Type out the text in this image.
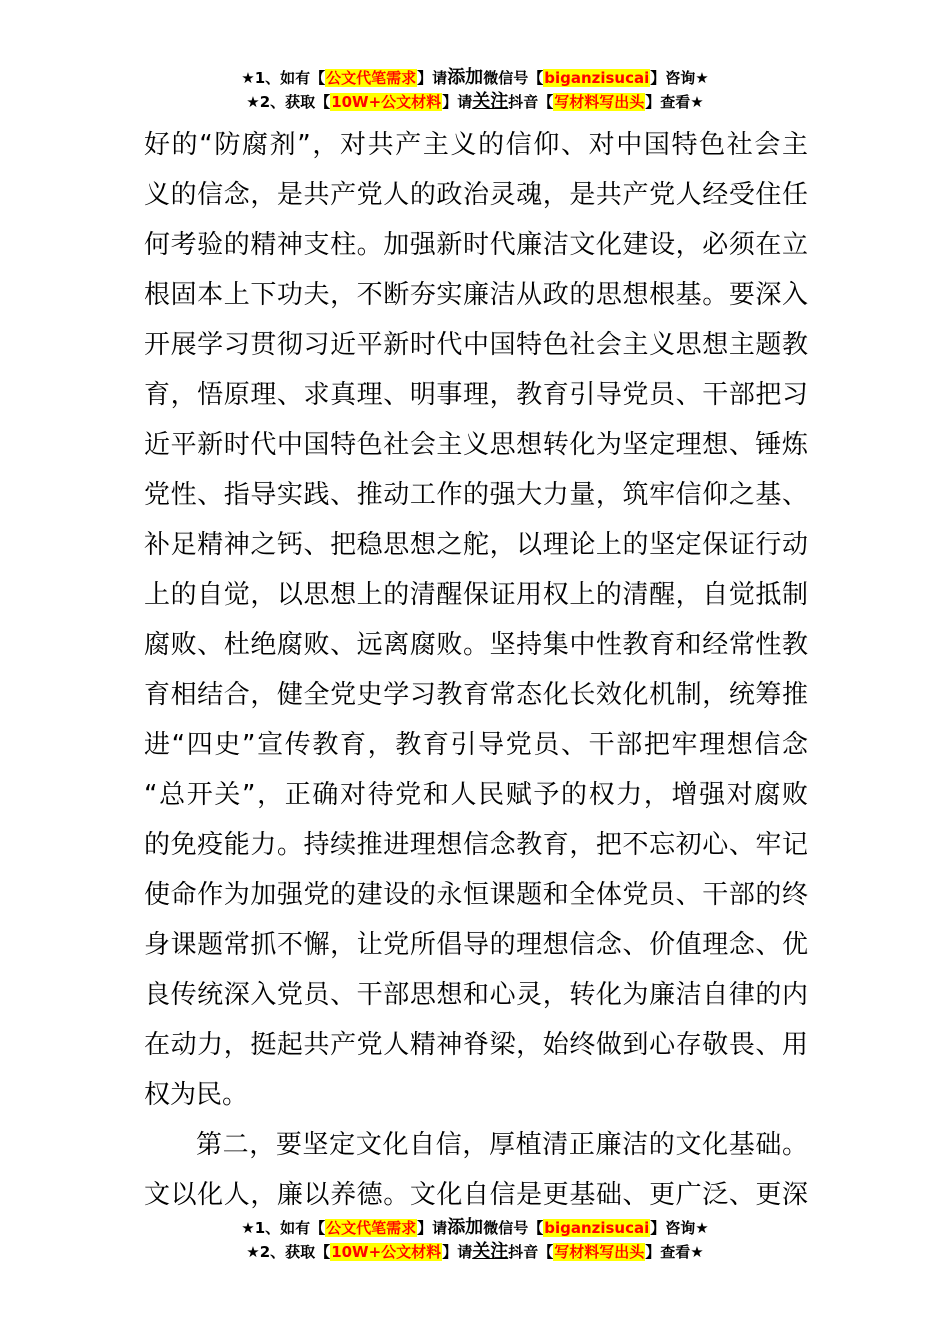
★1、如有【公文代笔需求】请添加微信号【biganzisucai】咨询★
★2、获取【10W+公文材料】请关注抖音【写材料写出头】查看★
好的“防腐剂”，对共产主义的信仰、对中国特色社会主
义的信念，是共产党人的政治灵魂，是共产党人经受住任
何考验的精神支柱。加强新时代廉洁文化建设，必须在立
根固本上下功夫，不断夯实廉洁从政的思想根基。要深入
开展学习贯彻习近平新时代中国特色社会主义思想主题教
育，悟原理、求真理、明事理，教育引导党员、干部把习
近平新时代中国特色社会主义思想转化为坚定理想、锤炼
党性、指导实践、推动工作的强大力量，筑牢信仰之基、
补足精神之钙、把稳思想之舵，以理论上的坚定保证行动
上的自觉，以思想上的清醒保证用权上的清醒，自觉抵制
腐败、杜绝腐败、远离腐败。坚持集中性教育和经常性教
育相结合，健全党史学习教育常态化长效化机制，统筹推
进“四史”宣传教育，教育引导党员、干部把牢理想信念
“总开关”，正确对待党和人民赋予的权力，增强对腐败
的免疫能力。持续推进理想信念教育，把不忘初心、牢记
使命作为加强党的建设的永恒课题和全体党员、干部的终
身课题常抓不懈，让党所倡导的理想信念、价值理念、优
良传统深入党员、干部思想和心灵，转化为廉洁自律的内
在动力，挺起共产党人精神脊梁，始终做到心存敬畏、用
权为民。
第二，要坚定文化自信，厚植清正廉洁的文化基础。
文以化人，廉以养德。文化自信是更基础、更广泛、更深
★1、如有【公文代笔需求】请添加微信号【biganzisucai】咨询★
★2、获取【10W+公文材料】请关注抖音【写材料写出头】查看★
